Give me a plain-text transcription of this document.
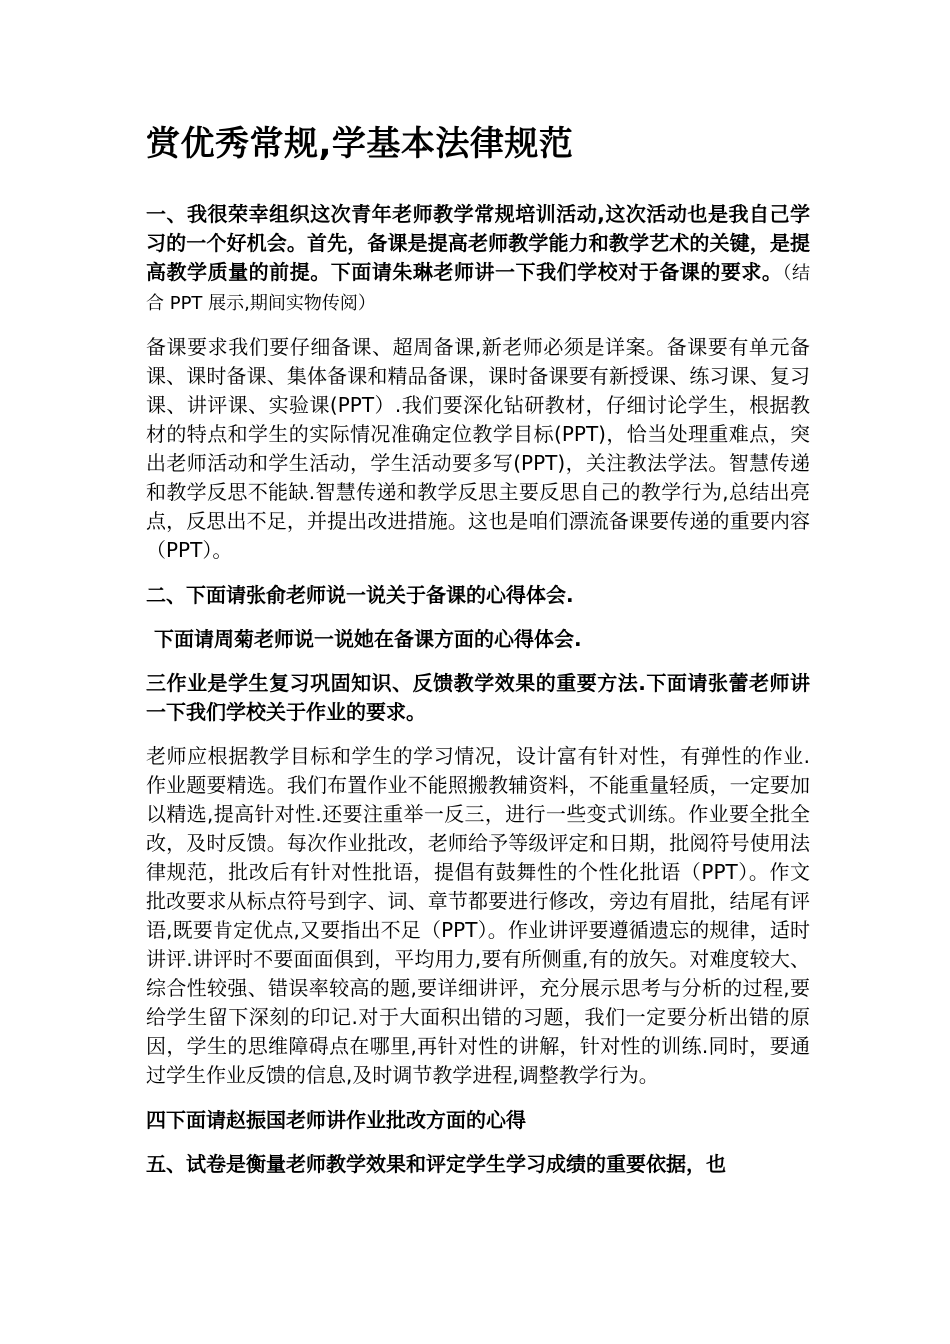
赏优秀常规,学基本法律规范

一、我很荣幸组织这次青年老师教学常规培训活动,这次活动也是我自己学习的一个好机会。首先，备课是提高老师教学能力和教学艺术的关键，是提高教学质量的前提。下面请朱琳老师讲一下我们学校对于备课的要求。（结合 PPT 展示,期间实物传阅）

备课要求我们要仔细备课、超周备课,新老师必须是详案。备课要有单元备课、课时备课、集体备课和精品备课，课时备课要有新授课、练习课、复习课、讲评课、实验课(PPT）.我们要深化钻研教材，仔细讨论学生，根据教材的特点和学生的实际情况准确定位教学目标(PPT)，恰当处理重难点，突出老师活动和学生活动，学生活动要多写(PPT)，关注教法学法。智慧传递和教学反思不能缺.智慧传递和教学反思主要反思自己的教学行为,总结出亮点，反思出不足，并提出改进措施。这也是咱们漂流备课要传递的重要内容（PPT）。

二、下面请张俞老师说一说关于备课的心得体会.

下面请周菊老师说一说她在备课方面的心得体会.

三作业是学生复习巩固知识、反馈教学效果的重要方法.下面请张蕾老师讲一下我们学校关于作业的要求。

老师应根据教学目标和学生的学习情况，设计富有针对性，有弹性的作业.作业题要精选。我们布置作业不能照搬教辅资料，不能重量轻质，一定要加以精选,提高针对性.还要注重举一反三，进行一些变式训练。作业要全批全改，及时反馈。每次作业批改，老师给予等级评定和日期，批阅符号使用法律规范，批改后有针对性批语，提倡有鼓舞性的个性化批语（PPT）。作文批改要求从标点符号到字、词、章节都要进行修改，旁边有眉批，结尾有评语,既要肯定优点,又要指出不足（PPT）。作业讲评要遵循遗忘的规律，适时讲评.讲评时不要面面俱到，平均用力,要有所侧重,有的放矢。对难度较大、综合性较强、错误率较高的题,要详细讲评，充分展示思考与分析的过程,要给学生留下深刻的印记.对于大面积出错的习题，我们一定要分析出错的原因，学生的思维障碍点在哪里,再针对性的讲解，针对性的训练.同时，要通过学生作业反馈的信息,及时调节教学进程,调整教学行为。

四下面请赵振国老师讲作业批改方面的心得

五、试卷是衡量老师教学效果和评定学生学习成绩的重要依据，也
